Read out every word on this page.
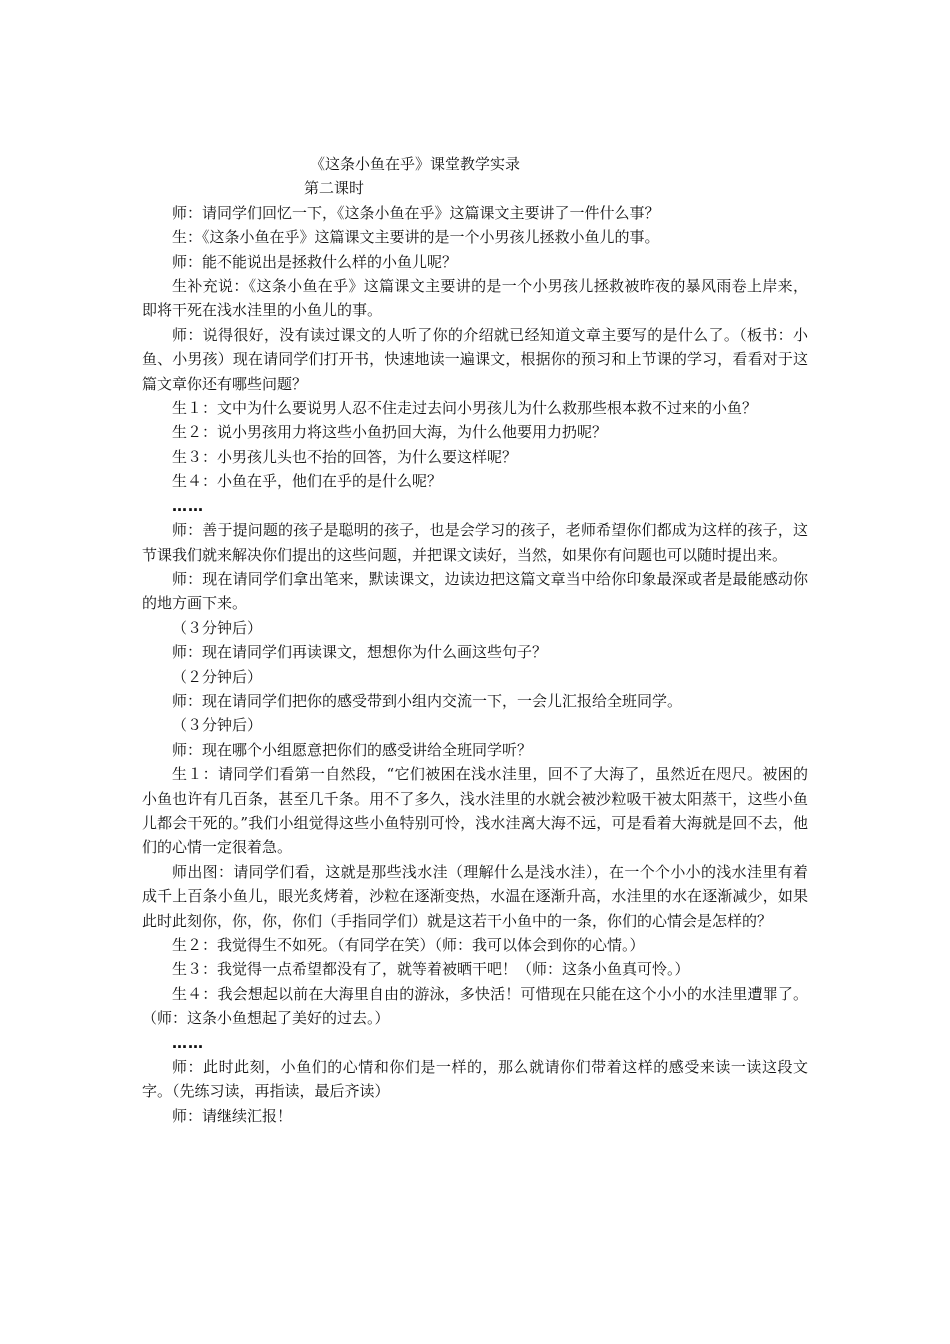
《这条小鱼在乎》课堂教学实录
第二课时

师：请同学们回忆一下，《这条小鱼在乎》这篇课文主要讲了一件什么事？

生：《这条小鱼在乎》这篇课文主要讲的是一个小男孩儿拯救小鱼儿的事。

师：能不能说出是拯救什么样的小鱼儿呢？

生补充说：《这条小鱼在乎》这篇课文主要讲的是一个小男孩儿拯救被昨夜的暴风雨卷上岸来，即将干死在浅水洼里的小鱼儿的事。

师：说得很好，没有读过课文的人听了你的介绍就已经知道文章主要写的是什么了。（板书：小鱼、小男孩）现在请同学们打开书，快速地读一遍课文，根据你的预习和上节课的学习，看看对于这篇文章你还有哪些问题？

生１：文中为什么要说男人忍不住走过去问小男孩儿为什么救那些根本救不过来的小鱼？

生２：说小男孩用力将这些小鱼扔回大海，为什么他要用力扔呢？

生３：小男孩儿头也不抬的回答，为什么要这样呢？

生４：小鱼在乎，他们在乎的是什么呢？

……

师：善于提问题的孩子是聪明的孩子，也是会学习的孩子，老师希望你们都成为这样的孩子，这节课我们就来解决你们提出的这些问题，并把课文读好，当然，如果你有问题也可以随时提出来。

师：现在请同学们拿出笔来，默读课文，边读边把这篇文章当中给你印象最深或者是最能感动你的地方画下来。

（３分钟后）

师：现在请同学们再读课文，想想你为什么画这些句子？

（２分钟后）

师：现在请同学们把你的感受带到小组内交流一下，一会儿汇报给全班同学。

（３分钟后）

师：现在哪个小组愿意把你们的感受讲给全班同学听？

生１：请同学们看第一自然段，“它们被困在浅水洼里，回不了大海了，虽然近在咫尺。被困的小鱼也许有几百条，甚至几千条。用不了多久，浅水洼里的水就会被沙粒吸干被太阳蒸干，这些小鱼儿都会干死的。”我们小组觉得这些小鱼特别可怜，浅水洼离大海不远，可是看着大海就是回不去，他们的心情一定很着急。

师出图：请同学们看，这就是那些浅水洼（理解什么是浅水洼），在一个个小小的浅水洼里有着成千上百条小鱼儿，眼光炙烤着，沙粒在逐渐变热，水温在逐渐升高，水洼里的水在逐渐减少，如果此时此刻你，你，你，你们（手指同学们）就是这若干小鱼中的一条，你们的心情会是怎样的？

生２：我觉得生不如死。（有同学在笑）（师：我可以体会到你的心情。）

生３：我觉得一点希望都没有了，就等着被晒干吧！（师：这条小鱼真可怜。）

生４：我会想起以前在大海里自由的游泳，多快活！可惜现在只能在这个小小的水洼里遭罪了。（师：这条小鱼想起了美好的过去。）

……

师：此时此刻，小鱼们的心情和你们是一样的，那么就请你们带着这样的感受来读一读这段文字。（先练习读，再指读，最后齐读）

师：请继续汇报！
